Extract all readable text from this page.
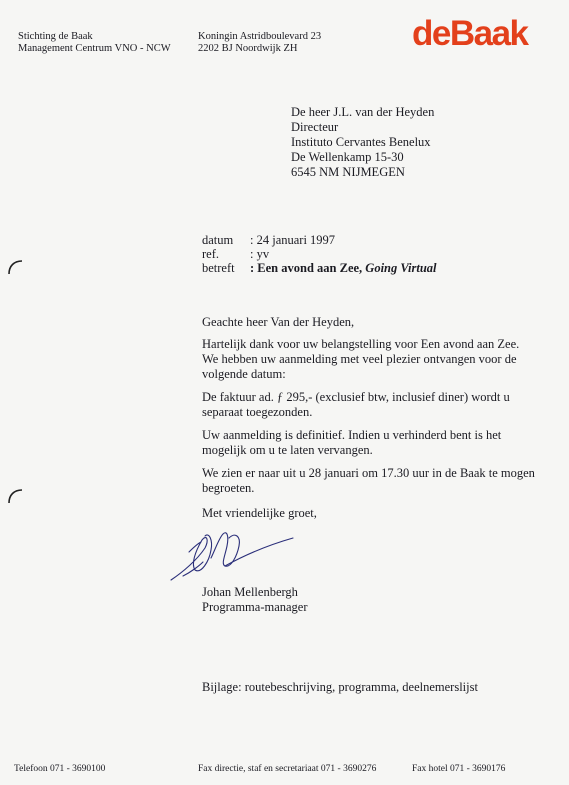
Stichting de Baak
Management Centrum VNO - NCW
Koningin Astridboulevard 23
2202 BJ Noordwijk ZH	deBaak
De heer J.L. van der Heyden
Directeur
Instituto Cervantes Benelux
De Wellenkamp 15-30
6545 NM NIJMEGEN
datum : 24 januari 1997
ref. : yv
betreft : Een avond aan Zee, Going Virtual
Geachte heer Van der Heyden,
Hartelijk dank voor uw belangstelling voor Een avond aan Zee.
We hebben uw aanmelding met veel plezier ontvangen voor de
volgende datum:
De faktuur ad. ƒ 295,- (exclusief btw, inclusief diner) wordt u
separaat toegezonden.
Uw aanmelding is definitief. Indien u verhinderd bent is het
mogelijk om u te laten vervangen.
We zien er naar uit u 28 januari om 17.30 uur in de Baak te mogen
begroeten.
Met vriendelijke groet,
Johan Mellenbergh
Programma-manager
Bijlage: routebeschrijving, programma, deelnemerslijst
Telefoon 071 - 3690100	Fax directie, staf en secretariaat 071 - 3690276	Fax hotel 071 - 3690176
